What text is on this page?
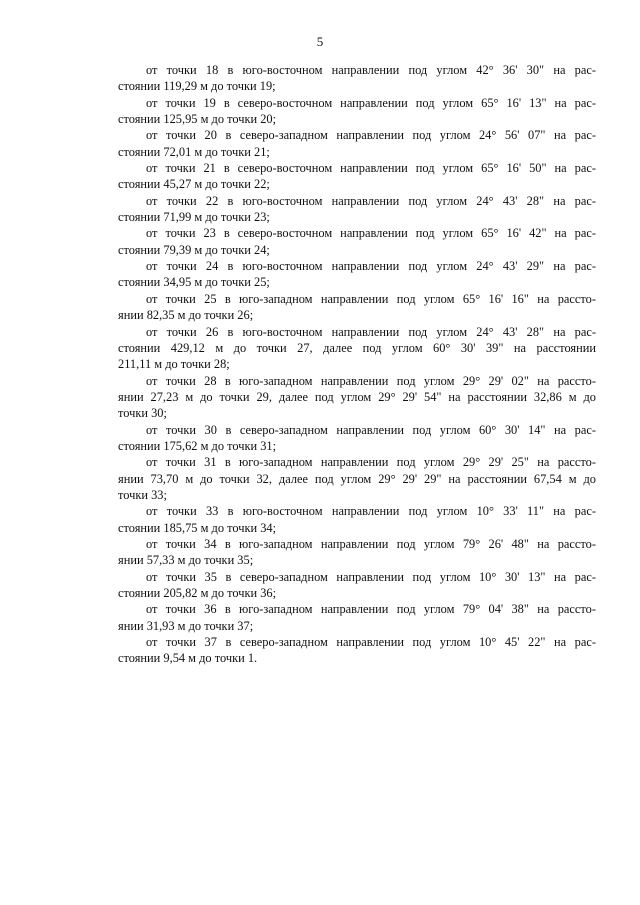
5

от точки 18 в юго-восточном направлении под углом 42° 36' 30" на рас-
стоянии 119,29 м до точки 19;

от точки 19 в северо-восточном направлении под углом 65° 16' 13" на рас-
стоянии 125,95 м до точки 20;

от точки 20 в северо-западном направлении под углом 24° 56' 07" на рас-
стоянии 72,01 м до точки 21;

от точки 21 в северо-восточном направлении под углом 65° 16' 50" на рас-
стоянии 45,27 м до точки 22;

от точки 22 в юго-восточном направлении под углом 24° 43' 28" на рас-
стоянии 71,99 м до точки 23;

от точки 23 в северо-восточном направлении под углом 65° 16' 42" на рас-
стоянии 79,39 м до точки 24;

от точки 24 в юго-восточном направлении под углом 24° 43' 29" на рас-
стоянии 34,95 м до точки 25;

от точки 25 в юго-западном направлении под углом 65° 16' 16" на рассто-
янии 82,35 м до точки 26;

от точки 26 в юго-восточном направлении под углом 24° 43' 28" на рас-
стоянии 429,12 м до точки 27, далее под углом 60° 30' 39" на расстоянии
211,11 м до точки 28;

от точки 28 в юго-западном направлении под углом 29° 29' 02" на рассто-
янии 27,23 м до точки 29, далее под углом 29° 29' 54" на расстоянии 32,86 м до
точки 30;

от точки 30 в северо-западном направлении под углом 60° 30' 14" на рас-
стоянии 175,62 м до точки 31;

от точки 31 в юго-западном направлении под углом 29° 29' 25" на рассто-
янии 73,70 м до точки 32, далее под углом 29° 29' 29" на расстоянии 67,54 м до
точки 33;

от точки 33 в юго-восточном направлении под углом 10° 33' 11" на рас-
стоянии 185,75 м до точки 34;

от точки 34 в юго-западном направлении под углом 79° 26' 48" на рассто-
янии 57,33 м до точки 35;

от точки 35 в северо-западном направлении под углом 10° 30' 13" на рас-
стоянии 205,82 м до точки 36;

от точки 36 в юго-западном направлении под углом 79° 04' 38" на рассто-
янии 31,93 м до точки 37;

от точки 37 в северо-западном направлении под углом 10° 45' 22" на рас-
стоянии 9,54 м до точки 1.
